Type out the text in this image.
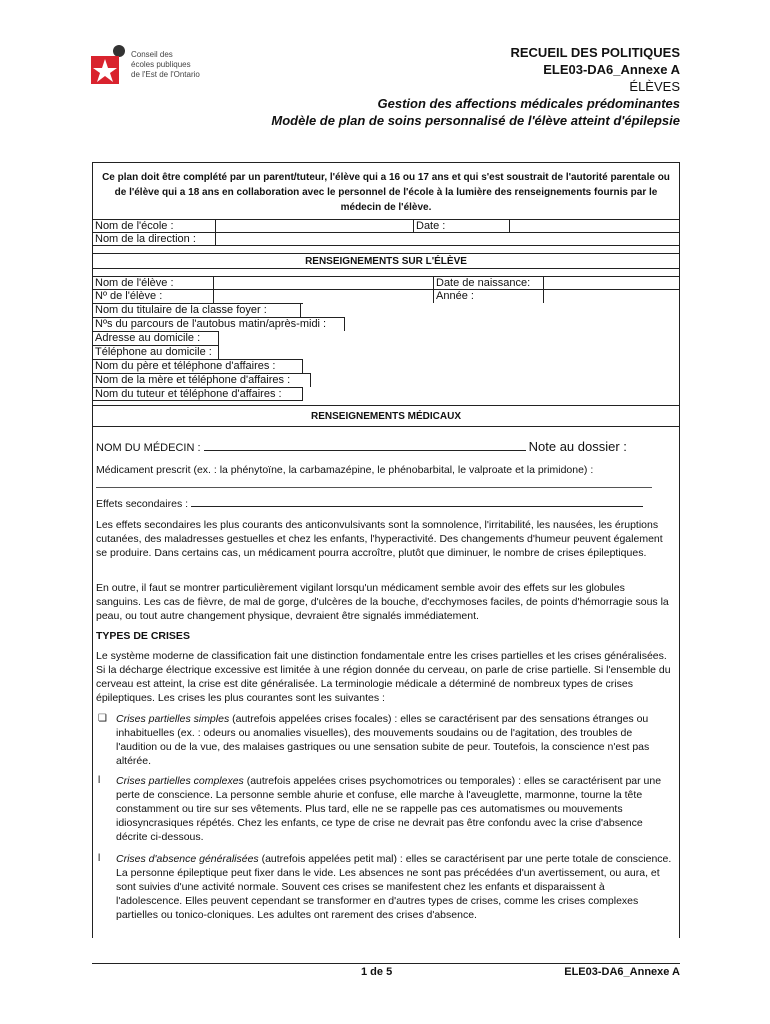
Conseil des
écoles publiques
de l'Est de l'Ontario
RECUEIL DES POLITIQUES
ELE03-DA6_Annexe A
ÉLÈVES
Gestion des affections médicales prédominantes
Modèle de plan de soins personnalisé de l'élève atteint d'épilepsie
Ce plan doit être complété par un parent/tuteur, l'élève qui a 16 ou 17 ans et qui s'est soustrait de l'autorité parentale ou de l'élève qui a 18 ans en collaboration avec le personnel de l'école à la lumière des renseignements fournis par le médecin de l'élève.
Nom de l'école :	Date :
Nom de la direction :
RENSEIGNEMENTS SUR L'ÉLÈVE
Nom de l'élève :	Date de naissance:
Nº de l'élève :	Année :
Nom du titulaire de la classe foyer :
Nºs du parcours de l'autobus matin/après-midi :
Adresse au domicile :
Téléphone au domicile :
Nom du père et téléphone d'affaires :
Nom de la mère et téléphone d'affaires :
Nom du tuteur et téléphone d'affaires :
RENSEIGNEMENTS MÉDICAUX
NOM DU MÉDECIN :	Note au dossier :
Médicament prescrit (ex. : la phénytoïne, la carbamazépine, le phénobarbital, le valproate et la primidone) :
Effets secondaires :
Les effets secondaires les plus courants des anticonvulsivants sont la somnolence, l'irritabilité, les nausées, les éruptions cutanées, des maladresses gestuelles et chez les enfants, l'hyperactivité. Des changements d'humeur peuvent également se produire. Dans certains cas, un médicament pourra accroître, plutôt que diminuer, le nombre de crises épileptiques.
En outre, il faut se montrer particulièrement vigilant lorsqu'un médicament semble avoir des effets sur les globules sanguins. Les cas de fièvre, de mal de gorge, d'ulcères de la bouche, d'ecchymoses faciles, de points d'hémorragie sous la peau, ou tout autre changement physique, devraient être signalés immédiatement.
TYPES DE CRISES
Le système moderne de classification fait une distinction fondamentale entre les crises partielles et les crises généralisées. Si la décharge électrique excessive est limitée à une région donnée du cerveau, on parle de crise partielle. Si l'ensemble du cerveau est atteint, la crise est dite généralisée. La terminologie médicale a déterminé de nombreux types de crises épileptiques. Les crises les plus courantes sont les suivantes :
❏ Crises partielles simples (autrefois appelées crises focales) : elles se caractérisent par des sensations étranges ou inhabituelles (ex. : odeurs ou anomalies visuelles), des mouvements soudains ou de l'agitation, des troubles de l'audition ou de la vue, des malaises gastriques ou une sensation subite de peur. Toutefois, la conscience n'est pas altérée.
l Crises partielles complexes (autrefois appelées crises psychomotrices ou temporales) : elles se caractérisent par une perte de conscience. La personne semble ahurie et confuse, elle marche à l'aveuglette, marmonne, tourne la tête constamment ou tire sur ses vêtements. Plus tard, elle ne se rappelle pas ces automatismes ou mouvements idiosyncrasiques répétés. Chez les enfants, ce type de crise ne devrait pas être confondu avec la crise d'absence décrite ci-dessous.
l Crises d'absence généralisées (autrefois appelées petit mal) : elles se caractérisent par une perte totale de conscience. La personne épileptique peut fixer dans le vide. Les absences ne sont pas précédées d'un avertissement, ou aura, et sont suivies d'une activité normale. Souvent ces crises se manifestent chez les enfants et disparaissent à l'adolescence. Elles peuvent cependant se transformer en d'autres types de crises, comme les crises complexes partielles ou tonico-cloniques. Les adultes ont rarement des crises d'absence.
1 de 5	ELE03-DA6_Annexe A
